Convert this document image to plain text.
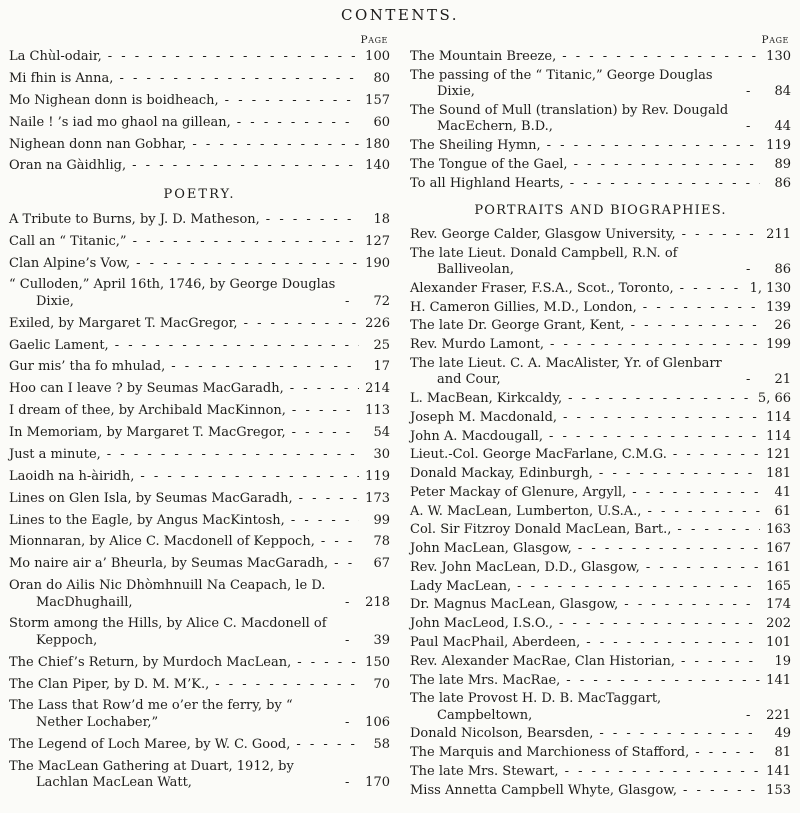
CONTENTS.
PAGE
La Chùl-odair, - - -	100
Mi fhin is Anna, - - -	80
Mo Nighean donn is boidheach, - - -	157
Naile ! ’s iad mo ghaol na gillean, - - -	60
Nighean donn nan Gobhar, - - -	180
Oran na Gàidhlig, - - -	140
POETRY.
A Tribute to Burns, by J. D. Matheson, - - -	18
Call an “ Titanic,” - - -	127
Clan Alpine’s Vow, - - -	190
“ Culloden,” April 16th, 1746, by George Douglas Dixie, - - -	72
Exiled, by Margaret T. MacGregor, - - -	226
Gaelic Lament, - - -	25
Gur mis’ tha fo mhulad, - - -	17
Hoo can I leave ? by Seumas MacGaradh, - - -	214
I dream of thee, by Archibald MacKinnon, - - -	113
In Memoriam, by Margaret T. MacGregor, - - -	54
Just a minute, - - -	30
Laoidh na h-àiridh, - - -	119
Lines on Glen Isla, by Seumas MacGaradh, - - -	173
Lines to the Eagle, by Angus MacKintosh, - - -	99
Mionnaran, by Alice C. Macdonell of Keppoch, - - -	78
Mo naire air a’ Bheurla, by Seumas MacGaradh, - - -	67
Oran do Ailis Nic Dhòmhnuill Na Ceapach, le D. MacDhughaill, - - -	218
Storm among the Hills, by Alice C. Macdonell of Keppoch, - - -	39
The Chief’s Return, by Murdoch MacLean, - - -	150
The Clan Piper, by D. M. M’K., - - -	70
The Lass that Row’d me o’er the ferry, by “ Nether Lochaber,” - - -	106
The Legend of Loch Maree, by W. C. Good, - - -	58
The MacLean Gathering at Duart, 1912, by Lachlan MacLean Watt, - - -	170
PAGE
The Mountain Breeze, - - -	130
The passing of the “ Titanic,” George Douglas Dixie, - - -	84
The Sound of Mull (translation) by Rev. Dougald MacEchern, B.D., - - -	44
The Sheiling Hymn, - - -	119
The Tongue of the Gael, - - -	89
To all Highland Hearts, - - -	86
PORTRAITS AND BIOGRAPHIES.
Rev. George Calder, Glasgow University, - - -	211
The late Lieut. Donald Campbell, R.N. of Balliveolan, - - -	86
Alexander Fraser, F.S.A., Scot., Toronto, - - -	1, 130
H. Cameron Gillies, M.D., London, - - -	139
The late Dr. George Grant, Kent, - - -	26
Rev. Murdo Lamont, - - -	199
The late Lieut. C. A. MacAlister, Yr. of Glenbarr and Cour, - - -	21
L. MacBean, Kirkcaldy, - - -	5, 66
Joseph M. Macdonald, - - -	114
John A. Macdougall, - - -	114
Lieut.-Col. George MacFarlane, C.M.G. - - -	121
Donald Mackay, Edinburgh, - - -	181
Peter Mackay of Glenure, Argyll, - - -	41
A. W. MacLean, Lumberton, U.S.A., - - -	61
Col. Sir Fitzroy Donald MacLean, Bart., - - -	163
John MacLean, Glasgow, - - -	167
Rev. John MacLean, D.D., Glasgow, - - -	161
Lady MacLean, - - -	165
Dr. Magnus MacLean, Glasgow, - - -	174
John MacLeod, I.S.O., - - -	202
Paul MacPhail, Aberdeen, - - -	101
Rev. Alexander MacRae, Clan Historian, - - -	19
The late Mrs. MacRae, - - -	141
The late Provost H. D. B. MacTaggart, Campbeltown, - - -	221
Donald Nicolson, Bearsden, - - -	49
The Marquis and Marchioness of Stafford, - - -	81
The late Mrs. Stewart, - - -	141
Miss Annetta Campbell Whyte, Glasgow, - - -	153
